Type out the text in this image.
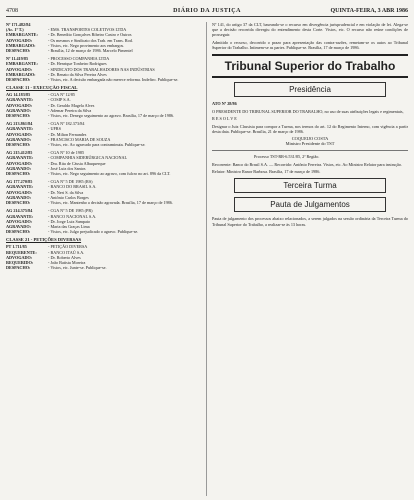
4708	DIÁRIO DA JUSTIÇA	QUINTA-FEIRA, 3 ABR 1986
Nº 171.482/84
(Ac. 1ª T.)	- EMS. TRANSPORTES COLETIVOS LTDA
EMBARGANTE:	- Dr. Benedito Gonçalves Ribeiro Castro e Outros
ADVOGADO:	- Os mesmos e Sindicato dos Trab. em Trans. Rod.
EMBARGADO:	- Vistos, etc. Nego provimento aos embargos.
DESPACHO:	- Brasília, 12 de março de 1986. Marcelo Pimentel
Nº 11.419/85	- PROCESSO COMPANHIA LTDA
EMBARGANTE:	- Dr. Henrique Tonheiro Rodrigues
ADVOGADO:	- SINDICATO DOS TRABALHADORES NAS INDÚSTRIAS
EMBARGADO:	- Dr. Renato da Silva Pereira Alves
DESPACHO:	- Vistos, etc. A decisão embargada não merece reforma. Indefiro. Publique-se.
CLASSE 11 - EXECUÇÃO FISCAL
AG 14.183/85	- CGA Nº 12/85
AGRAVANTE:	- COSIP S.A.
ADVOGADO:	- Dr. Geraldo Magela Alves
AGRAVADO:	- Ademar Pereira da Silva
DESPACHO:	- Vistos, etc. Denego seguimento ao agravo. Brasília, 17 de março de 1986.
AG 213.861/84	- CGA Nº 182.373/84
AGRAVANTE:	- UFRS
ADVOGADO:	- Dr. Milton Fernandes
AGRAVADO:	- FRANCISCO MARIA DE SOUZA
DESPACHO:	- Vistos, etc. Ao agravado para contraminuta. Publique-se.
AG 215.412/85	- CGA Nº 10 de 1985
AGRAVANTE:	- COMPANHIA SIDERÚRGICA NACIONAL
ADVOGADO:	- Dra. Rita de Cássia Albuquerque
AGRAVADO:	- José Luiz dos Santos
DESPACHO:	- Vistos, etc. Nego seguimento ao agravo, com fulcro no art. 896 da CLT.
AG 177.270/85	- CGA Nº 5 DE 1985 (RS)
AGRAVANTE:	- BANCO DO BRASIL S.A.
ADVOGADO:	- Dr. Neri S. da Silva
AGRAVADO:	- Antônio Carlos Borges
DESPACHO:	- Vistos, etc. Mantenho a decisão agravada. Brasília, 17 de março de 1986.
AG 214.375/84	- CGA Nº 5 DE 1985 (PR)
AGRAVANTE:	- BANCO NACIONAL S.A.
ADVOGADO:	- Dr. Jorge Luiz Sampaio
AGRAVADO:	- Maria das Graças Lima
DESPACHO:	- Vistos, etc. Julgo prejudicado o agravo. Publique-se.
CLASSE 21 - PETIÇÕES DIVERSAS
PT 1.711/85	- PETIÇÃO DIVERSA
REQUERENTE:	- BANCO ITAÚ S.A.
ADVOGADO:	- Dr. Roberto Alves
REQUERIDO:	- João Batista Moreira
DESPACHO:	- Vistos, etc. Junte-se. Publique-se.

Nº 141, do artigo 37 da CLT, baseando-se o recurso em divergência jurisprudencial e em violação de lei. Alega-se que a decisão recorrida divergiu do entendimento desta Corte. Vistos, etc. O recurso não reúne condições de prosseguir.

Admitido o recurso, decorrido o prazo para apresentação das contra-razões, remetam-se os autos ao Tribunal Superior do Trabalho. Intimem-se as partes. Publique-se. Brasília, 17 de março de 1986.

Tribunal Superior do Trabalho
Presidência
ATO Nº 28/86

O PRESIDENTE DO TRIBUNAL SUPERIOR DO TRABALHO, no uso de suas atribuições legais e regimentais,

R E S O L V E

Designar o Juiz Classista para compor a Turma, nos termos do art. 12 do Regimento Interno, com vigência a partir desta data. Publique-se. Brasília, 21 de março de 1986.

COQUEIJO COSTA
Ministro Presidente do TST
Processo TST-RR-6.531/85, 2ª Região.

Recorrente: Banco do Brasil S.A. — Recorrido: Antônio Ferreira. Vistos, etc. Ao Ministro Relator para instrução.

Relator: Ministro Ranor Barbosa. Brasília, 17 de março de 1986.

Terceira Turma
Pauta de Julgamentos

Pauta de julgamento dos processos abaixo relacionados, a serem julgados na sessão ordinária da Terceira Turma do Tribunal Superior do Trabalho, a realizar-se às 13 horas.
